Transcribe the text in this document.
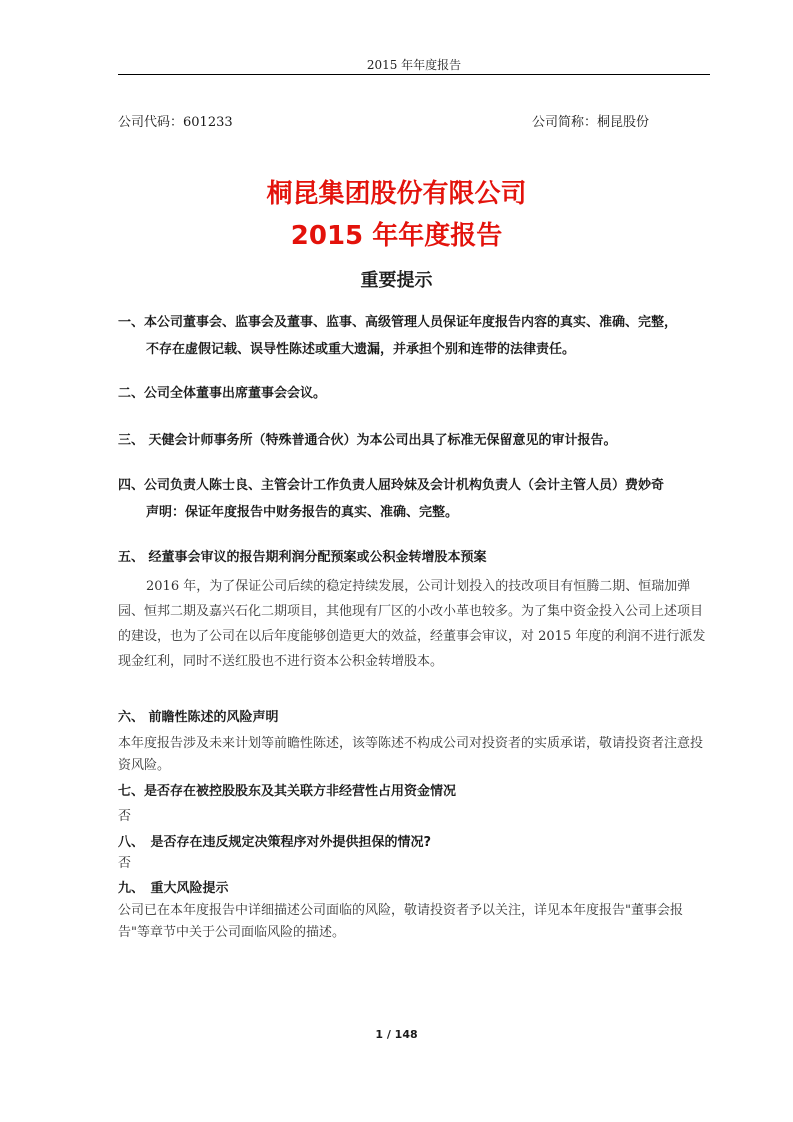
2015 年年度报告
公司代码：601233	公司简称：桐昆股份
桐昆集团股份有限公司
2015 年年度报告
重要提示
一、本公司董事会、监事会及董事、监事、高级管理人员保证年度报告内容的真实、准确、完整，
不存在虚假记载、误导性陈述或重大遗漏，并承担个别和连带的法律责任。
二、公司全体董事出席董事会会议。
三、 天健会计师事务所（特殊普通合伙）为本公司出具了标准无保留意见的审计报告。
四、公司负责人陈士良、主管会计工作负责人屈玲妹及会计机构负责人（会计主管人员）费妙奇
声明：保证年度报告中财务报告的真实、准确、完整。
五、 经董事会审议的报告期利润分配预案或公积金转增股本预案
2016 年，为了保证公司后续的稳定持续发展，公司计划投入的技改项目有恒腾二期、恒瑞加弹园、恒邦二期及嘉兴石化二期项目，其他现有厂区的小改小革也较多。为了集中资金投入公司上述项目的建设，也为了公司在以后年度能够创造更大的效益，经董事会审议，对 2015 年度的利润不进行派发现金红利，同时不送红股也不进行资本公积金转增股本。
六、 前瞻性陈述的风险声明
本年度报告涉及未来计划等前瞻性陈述，该等陈述不构成公司对投资者的实质承诺，敬请投资者注意投资风险。
七、是否存在被控股股东及其关联方非经营性占用资金情况
否
八、　是否存在违反规定决策程序对外提供担保的情况?
否
九、　重大风险提示
公司已在本年度报告中详细描述公司面临的风险，敬请投资者予以关注，详见本年度报告"董事会报告"等章节中关于公司面临风险的描述。
1 / 148
